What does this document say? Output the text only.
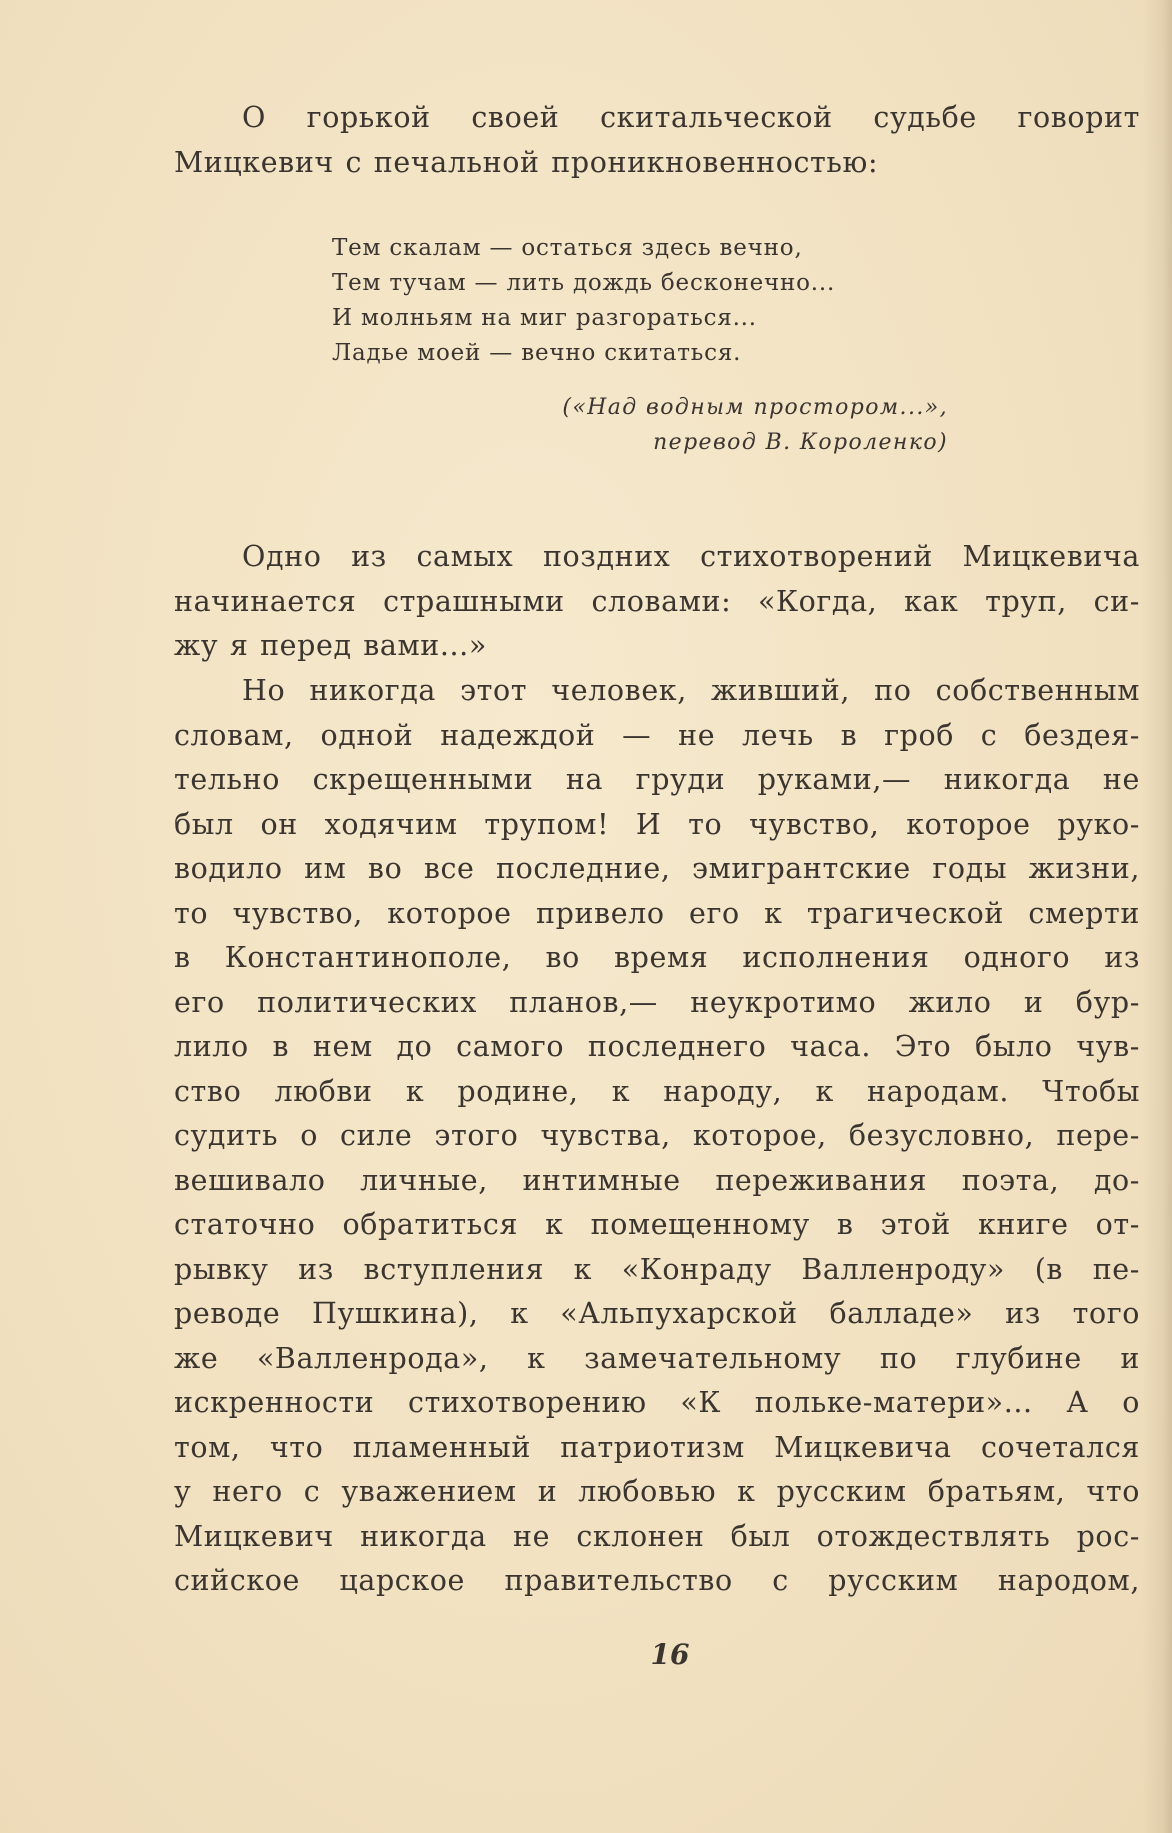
О горькой своей скитальческой судьбе говорит
Мицкевич с печальной проникновенностью:
Тем скалам — остаться здесь вечно,
Тем тучам — лить дождь бесконечно...
И молньям на миг разгораться...
Ладье моей — вечно скитаться.
(«Над водным простором...»,
перевод В. Короленко)
Одно из самых поздних стихотворений Мицкевича
начинается страшными словами: «Когда, как труп, си-
жу я перед вами...»
Но никогда этот человек, живший, по собственным
словам, одной надеждой — не лечь в гроб с бездея-
тельно скрещенными на груди руками,— никогда не
был он ходячим трупом! И то чувство, которое руко-
водило им во все последние, эмигрантские годы жизни,
то чувство, которое привело его к трагической смерти
в Константинополе, во время исполнения одного из
его политических планов,— неукротимо жило и бур-
лило в нем до самого последнего часа. Это было чув-
ство любви к родине, к народу, к народам. Чтобы
судить о силе этого чувства, которое, безусловно, пере-
вешивало личные, интимные переживания поэта, до-
статочно обратиться к помещенному в этой книге от-
рывку из вступления к «Конраду Валленроду» (в пе-
реводе Пушкина), к «Альпухарской балладе» из того
же «Валленрода», к замечательному по глубине и
искренности стихотворению «К польке-матери»... А о
том, что пламенный патриотизм Мицкевича сочетался
у него с уважением и любовью к русским братьям, что
Мицкевич никогда не склонен был отождествлять рос-
сийское царское правительство с русским народом,
16
